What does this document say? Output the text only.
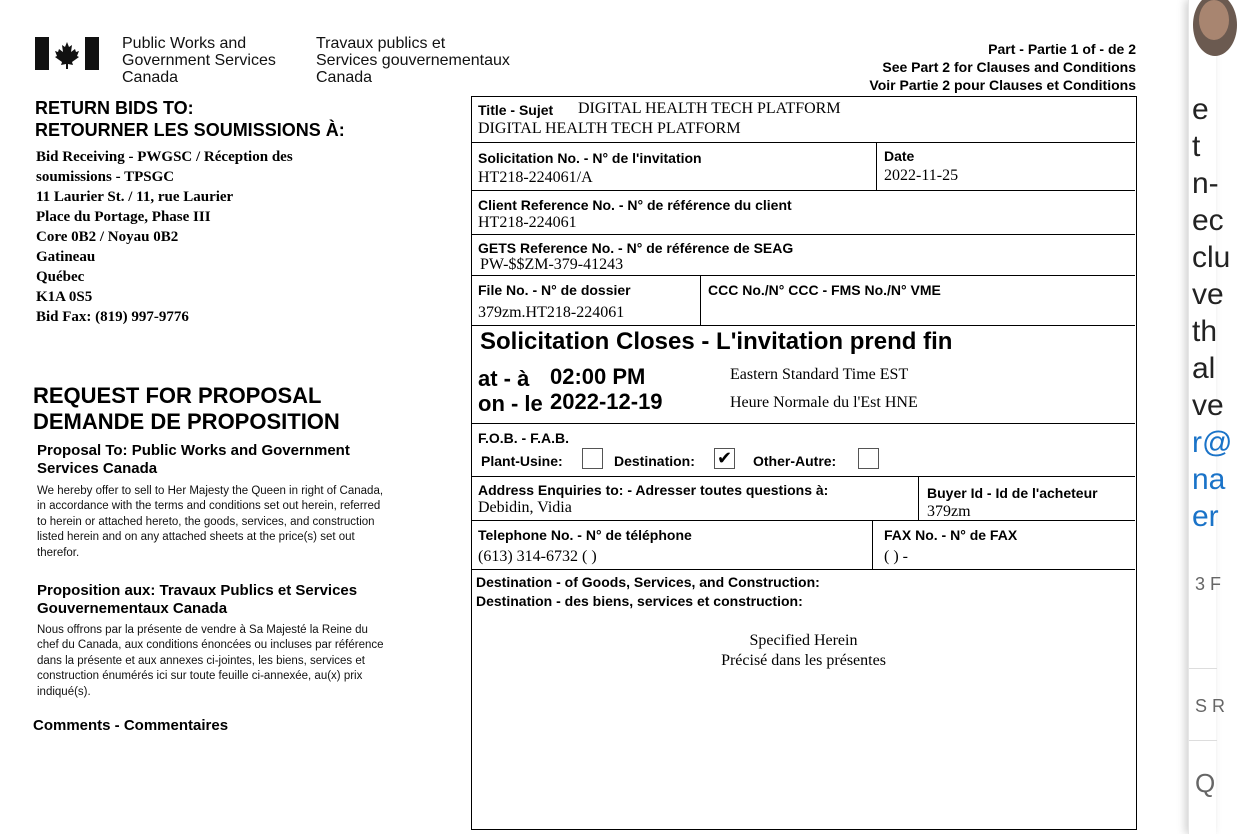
Public Works and
Government Services
Canada
Travaux publics et
Services gouvernementaux
Canada
Part - Partie 1 of - de 2
See Part 2 for Clauses and Conditions
Voir Partie 2 pour Clauses et Conditions
RETURN BIDS TO:
RETOURNER LES SOUMISSIONS À:
Bid Receiving - PWGSC / Réception des
soumissions - TPSGC
11 Laurier St. / 11, rue Laurier
Place du Portage, Phase III
Core 0B2 / Noyau 0B2
Gatineau
Québec
K1A 0S5
Bid Fax: (819) 997-9776
REQUEST FOR PROPOSAL
DEMANDE DE PROPOSITION
Proposal To: Public Works and Government Services Canada
We hereby offer to sell to Her Majesty the Queen in right of Canada, in accordance with the terms and conditions set out herein, referred to herein or attached hereto, the goods, services, and construction listed herein and on any attached sheets at the price(s) set out therefor.
Proposition aux: Travaux Publics et Services Gouvernementaux Canada
Nous offrons par la présente de vendre à Sa Majesté la Reine du chef du Canada, aux conditions énoncées ou incluses par référence dans la présente et aux annexes ci-jointes, les biens, services et construction énumérés ici sur toute feuille ci-annexée, au(x) prix indiqué(s).
Comments - Commentaires
Title - Sujet DIGITAL HEALTH TECH PLATFORM
DIGITAL HEALTH TECH PLATFORM
Solicitation No. - N° de l'invitation
HT218-224061/A
Date
2022-11-25
Client Reference No. - N° de référence du client
HT218-224061
GETS Reference No. - N° de référence de SEAG
PW-$$ZM-379-41243
File No. - N° de dossier
379zm.HT218-224061
CCC No./N° CCC - FMS No./N° VME
Solicitation Closes - L'invitation prend fin
at - à 02:00 PM
on - le 2022-12-19
Eastern Standard Time EST
Heure Normale du l'Est HNE
F.O.B. - F.A.B.
Plant-Usine:	Destination: ✔ Other-Autre:
Address Enquiries to: - Adresser toutes questions à:
Debidin, Vidia
Buyer Id - Id de l'acheteur
379zm
Telephone No. - N° de téléphone
(613) 314-6732 ( )
FAX No. - N° de FAX
( ) -
Destination - of Goods, Services, and Construction:
Destination - des biens, services et construction:
Specified Herein
Précisé dans les présentes
e
t
n-
ec
clu
ve
th
al
ve
r@
na
er
3 F
S R
Q
